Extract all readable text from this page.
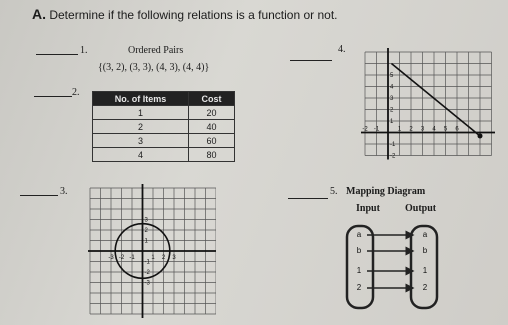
A. Determine if the following relations is a function or not.
1.	Ordered Pairs
{(3, 2), (3, 3), (4, 3), (4, 4)}
4.
2.
No. of Items	Cost
1	20
2	40
3	60
4	80
-2 -1	1 2 3 4 5 6
5
4
3
2
1
-1
-2
3.
-3 -2 -1	1 2 3
3
2
1
-1
-2
-3
5. Mapping Diagram
Input	Output
a
b
1
2
a
b
1
2
